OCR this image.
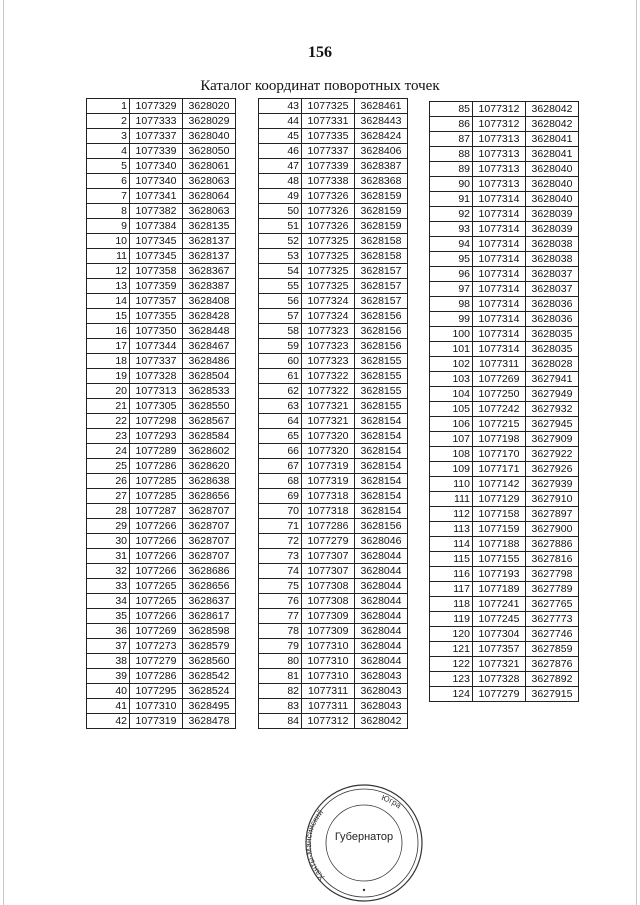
156
Каталог координат поворотных точек
1	1077329	3628020
2	1077333	3628029
3	1077337	3628040
4	1077339	3628050
5	1077340	3628061
6	1077340	3628063
7	1077341	3628064
8	1077382	3628063
9	1077384	3628135
10	1077345	3628137
11	1077345	3628137
12	1077358	3628367
13	1077359	3628387
14	1077357	3628408
15	1077355	3628428
16	1077350	3628448
17	1077344	3628467
18	1077337	3628486
19	1077328	3628504
20	1077313	3628533
21	1077305	3628550
22	1077298	3628567
23	1077293	3628584
24	1077289	3628602
25	1077286	3628620
26	1077285	3628638
27	1077285	3628656
28	1077287	3628707
29	1077266	3628707
30	1077266	3628707
31	1077266	3628707
32	1077266	3628686
33	1077265	3628656
34	1077265	3628637
35	1077266	3628617
36	1077269	3628598
37	1077273	3628579
38	1077279	3628560
39	1077286	3628542
40	1077295	3628524
41	1077310	3628495
42	1077319	3628478
43	1077325	3628461
44	1077331	3628443
45	1077335	3628424
46	1077337	3628406
47	1077339	3628387
48	1077338	3628368
49	1077326	3628159
50	1077326	3628159
51	1077326	3628159
52	1077325	3628158
53	1077325	3628158
54	1077325	3628157
55	1077325	3628157
56	1077324	3628157
57	1077324	3628156
58	1077323	3628156
59	1077323	3628156
60	1077323	3628155
61	1077322	3628155
62	1077322	3628155
63	1077321	3628155
64	1077321	3628154
65	1077320	3628154
66	1077320	3628154
67	1077319	3628154
68	1077319	3628154
69	1077318	3628154
70	1077318	3628154
71	1077286	3628156
72	1077279	3628046
73	1077307	3628044
74	1077307	3628044
75	1077308	3628044
76	1077308	3628044
77	1077309	3628044
78	1077309	3628044
79	1077310	3628044
80	1077310	3628044
81	1077310	3628043
82	1077311	3628043
83	1077311	3628043
84	1077312	3628042
85	1077312	3628042
86	1077312	3628042
87	1077313	3628041
88	1077313	3628041
89	1077313	3628040
90	1077313	3628040
91	1077314	3628040
92	1077314	3628039
93	1077314	3628039
94	1077314	3628038
95	1077314	3628038
96	1077314	3628037
97	1077314	3628037
98	1077314	3628036
99	1077314	3628036
100	1077314	3628035
101	1077314	3628035
102	1077311	3628028
103	1077269	3627941
104	1077250	3627949
105	1077242	3627932
106	1077215	3627945
107	1077198	3627909
108	1077170	3627922
109	1077171	3627926
110	1077142	3627939
111	1077129	3627910
112	1077158	3627897
113	1077159	3627900
114	1077188	3627886
115	1077155	3627816
116	1077193	3627798
117	1077189	3627789
118	1077241	3627765
119	1077245	3627773
120	1077304	3627746
121	1077357	3627859
122	1077321	3627876
123	1077328	3627892
124	1077279	3627915
Ханты-Мансийский
Югра
Губернатор
